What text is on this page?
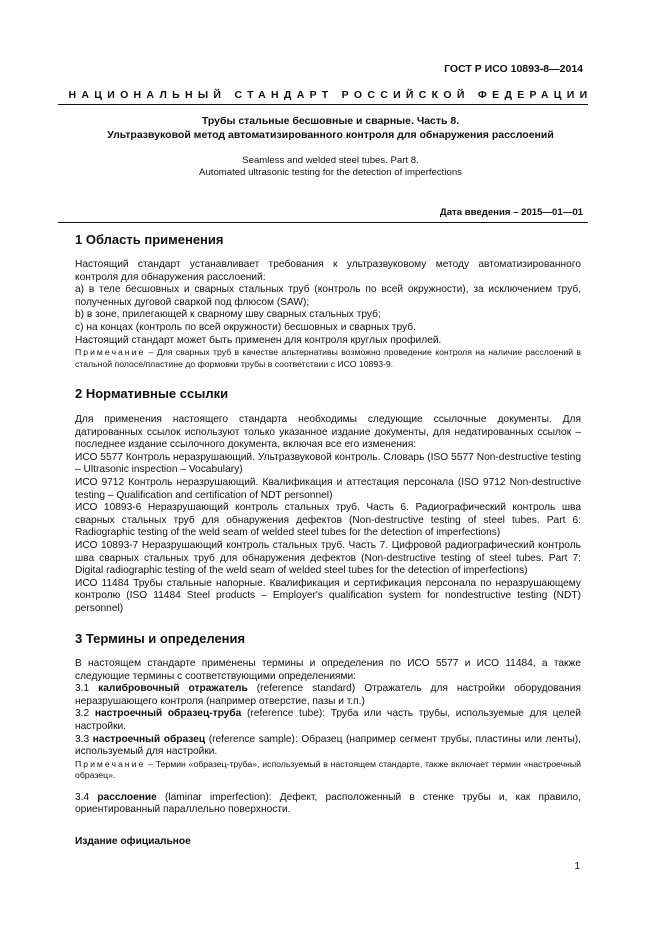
ГОСТ Р ИСО 10893-8—2014
НАЦИОНАЛЬНЫЙ СТАНДАРТ РОССИЙСКОЙ ФЕДЕРАЦИИ
Трубы стальные бесшовные и сварные. Часть 8.
Ультразвуковой метод автоматизированного контроля для обнаружения расслоений
Seamless and welded steel tubes. Part 8.
Automated ultrasonic testing for the detection of imperfections
Дата введения – 2015—01—01
1 Область применения

Настоящий стандарт устанавливает требования к ультразвуковому методу автоматизированного контроля для обнаружения расслоений:

a) в теле бесшовных и сварных стальных труб (контроль по всей окружности), за исключением труб, полученных дуговой сваркой под флюсом (SAW);

b) в зоне, прилегающей к сварному шву сварных стальных труб;

c) на концах (контроль по всей окружности) бесшовных и сварных труб.

Настоящий стандарт может быть применен для контроля круглых профилей.

Примечание – Для сварных труб в качестве альтернативы возможно проведение контроля на наличие расслоений в стальной полосе/пластине до формовки трубы в соответствии с ИСО 10893-9.

2 Нормативные ссылки

Для применения настоящего стандарта необходимы следующие ссылочные документы. Для датированных ссылок используют только указанное издание документы, для недатированных ссылок – последнее издание ссылочного документа, включая все его изменения:

ИСО 5577 Контроль неразрушающий. Ультразвуковой контроль. Словарь (ISO 5577 Non-destructive testing – Ultrasonic inspection – Vocabulary)

ИСО 9712 Контроль неразрушающий. Квалификация и аттестация персонала (ISO 9712 Non-destructive testing – Qualification and certification of NDT personnel)

ИСО 10893-6 Неразрушающий контроль стальных труб. Часть 6. Радиографический контроль шва сварных стальных труб для обнаружения дефектов (Non-destructive testing of steel tubes. Part 6: Radiographic testing of the weld seam of welded steel tubes for the detection of imperfections)

ИСО 10893-7 Неразрушающий контроль стальных труб. Часть 7. Цифровой радиографический контроль шва сварных стальных труб для обнаружения дефектов (Non-destructive testing of steel tubes. Part 7: Digital radiographic testing of the weld seam of welded steel tubes for the detection of imperfections)

ИСО 11484 Трубы стальные напорные. Квалификация и сертификация персонала по неразрушающему контролю (ISO 11484 Steel products – Employer's qualification system for nondestructive testing (NDT) personnel)

3 Термины и определения

В настоящем стандарте применены термины и определения по ИСО 5577 и ИСО 11484, а также следующие термины с соответствующими определениями:

3.1 калибровочный отражатель (reference standard) Отражатель для настройки оборудования неразрушающего контроля (например отверстие, пазы и т.п.)

3.2 настроечный образец-труба (reference tube): Труба или часть трубы, используемые для целей настройки.

3.3 настроечный образец (reference sample): Образец (например сегмент трубы, пластины или ленты), используемый для настройки.

Примечание – Термин «образец-труба», используемый в настоящем стандарте, также включает термин «настроечный образец».

3.4 расслоение (laminar imperfection): Дефект, расположенный в стенке трубы и, как правило, ориентированный параллельно поверхности.

Издание официальное
1
